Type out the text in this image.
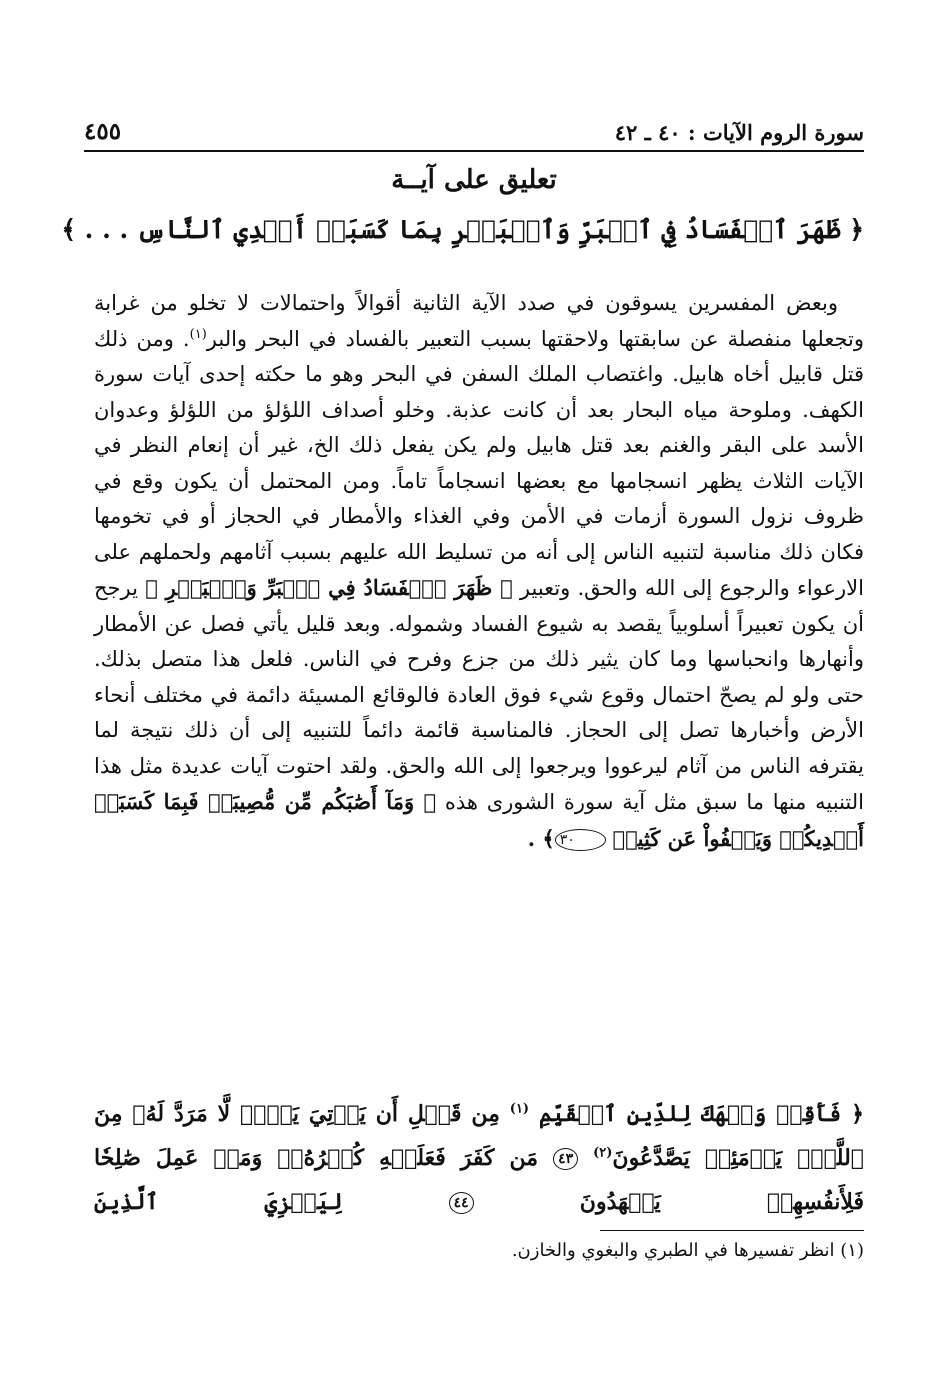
سورة الروم الآيات : ٤٠ ـ ٤٢
٤٥٥
تعليق على آيــة
﴿ ظَهَرَ ٱلۡفَسَادُ فِي ٱلۡبَرِّ وَٱلۡبَحۡرِ بِمَا كَسَبَتۡ أَيۡدِي ٱلنَّاسِ . . . ﴾

وبعض المفسرين يسوقون في صدد الآية الثانية أقوالاً واحتمالات لا تخلو من غرابة وتجعلها منفصلة عن سابقتها ولاحقتها بسبب التعبير بالفساد في البحر والبر$^{(١)}$. ومن ذلك قتل قابيل أخاه هابيل. واغتصاب الملك السفن في البحر وهو ما حكته إحدى آيات سورة الكهف. وملوحة مياه البحار بعد أن كانت عذبة. وخلو أصداف اللؤلؤ من اللؤلؤ وعدوان الأسد على البقر والغنم بعد قتل هابيل ولم يكن يفعل ذلك الخ، غير أن إنعام النظر في الآيات الثلاث يظهر انسجامها مع بعضها انسجاماً تاماً. ومن المحتمل أن يكون وقع في ظروف نزول السورة أزمات في الأمن وفي الغذاء والأمطار في الحجاز أو في تخومها فكان ذلك مناسبة لتنبيه الناس إلى أنه من تسليط الله عليهم بسبب آثامهم ولحملهم على الارعواء والرجوع إلى الله والحق. وتعبير ﴿ ظَهَرَ ٱلۡفَسَادُ فِي ٱلۡبَرِّ وَٱلۡبَحۡرِ ﴾ يرجح أن يكون تعبيراً أسلوبياً يقصد به شيوع الفساد وشموله. وبعد قليل يأتي فصل عن الأمطار وأنهارها وانحباسها وما كان يثير ذلك من جزع وفرح في الناس. فلعل هذا متصل بذلك. حتى ولو لم يصحّ احتمال وقوع شيء فوق العادة فالوقائع المسيئة دائمة في مختلف أنحاء الأرض وأخبارها تصل إلى الحجاز. فالمناسبة قائمة دائماً للتنبيه إلى أن ذلك نتيجة لما يقترفه الناس من آثام ليرعووا ويرجعوا إلى الله والحق. ولقد احتوت آيات عديدة مثل هذا التنبيه منها ما سبق مثل آية سورة الشورى هذه ﴿ وَمَآ أَصَٰبَكُم مِّن مُّصِيبَةٖ فَبِمَا كَسَبَتۡ أَيۡدِيكُمۡ وَيَعۡفُواْ عَن كَثِيرٖ ٣٠﴾ .

﴿ فَأَقِمۡ وَجۡهَكَ لِلدِّينِ ٱلۡقَيِّمِ $^{(١)}$ مِن قَبۡلِ أَن يَأۡتِيَ يَوۡمٞ لَّا مَرَدَّ لَهُۥ مِنَ ٱللَّهِۖ يَوۡمَئِذٖ يَصَّدَّعُونَ$^{(٢)}$ ٤٣ مَن كَفَرَ فَعَلَيۡهِ كُفۡرُهُۥۖ وَمَنۡ عَمِلَ صَٰلِحٗا فَلِأَنفُسِهِمۡ يَمۡهَدُونَ ٤٤ لِيَجۡزِيَ ٱلَّذِينَ
(١) انظر تفسيرها في الطبري والبغوي والخازن.
